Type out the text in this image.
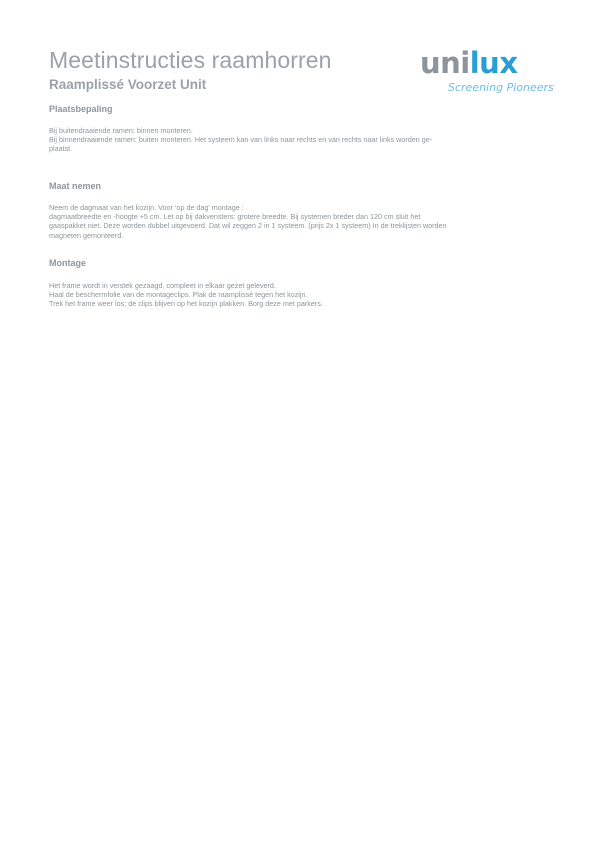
Meetinstructies raamhorren
Raamplissé Voorzet Unit
unilux
Screening Pioneers
Plaatsbepaling

Bij buitendraaiende ramen: binnen monteren.
Bij binnendraaiende ramen: buiten monteren. Het systeem kan van links naar rechts en van rechts naar links worden ge-
plaatst.

Maat nemen

Neem de dagmaat van het kozijn. Voor ‘op de dag’ montage :
dagmaatbreedte en -hoogte +5 cm. Let op bij dakvensters: grotere breedte. Bij systemen breder dan 120 cm sluit het
gaaspakket niet. Deze worden dubbel uitgevoerd. Dat wil zeggen 2 in 1 systeem. (prijs 2x 1 systeem) In de treklijsten worden
magneten gemonteerd.

Montage

Het frame wordt in verstek gezaagd, compleet in elkaar gezet geleverd.
Haal de beschermfolie van de montageclips. Plak de raamplissé tegen het kozijn.
Trek het frame weer los; de clips blijven op het kozijn plakken. Borg deze met parkers.
